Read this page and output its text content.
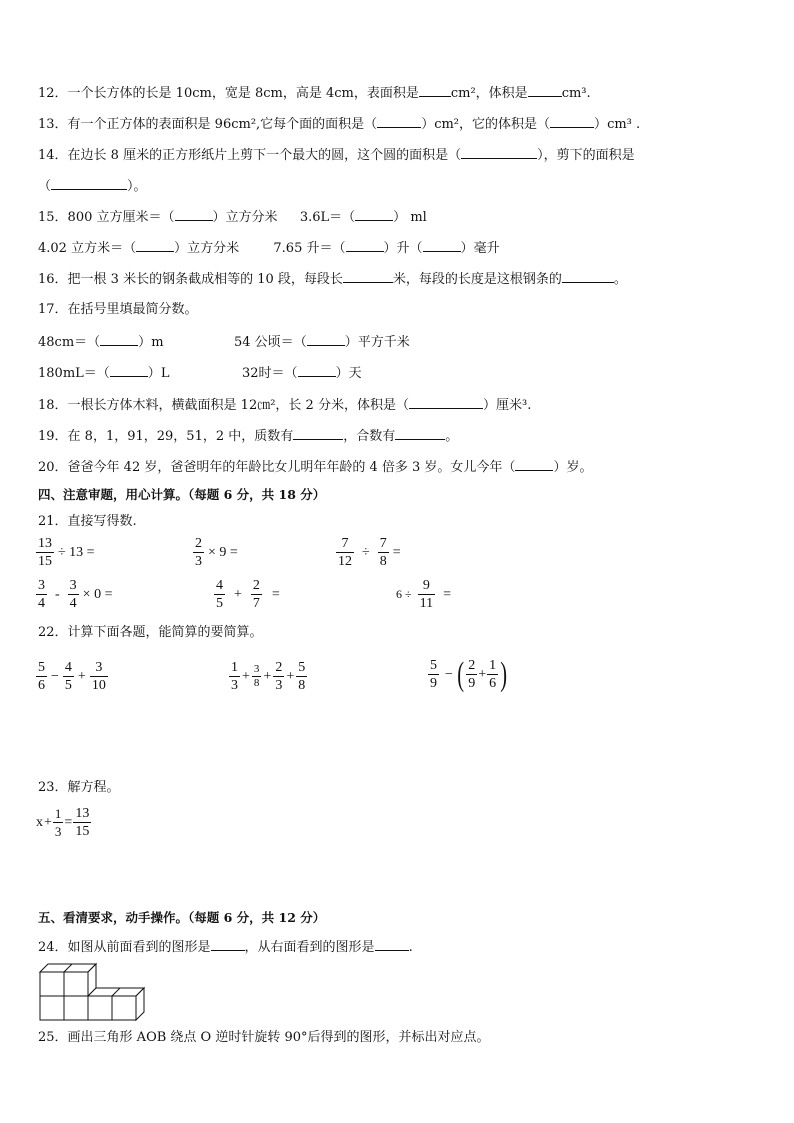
12．一个长方体的长是 10cm，宽是 8cm，高是 4cm，表面积是 cm²，体积是	cm³.
13．有一个正方体的表面积是 96cm²,它每个面的面积是 （  ）	cm²，它的体积是 （  ）	cm³ .
14．在边长 8 厘米的正方形纸片上剪下一个最大的圆，这个圆的面积是 （  ）	，剪下的面积是
（  ）。
15．800 立方厘米＝ （  ）	立方分米 3.6L＝ （  ）	ml
4.02 立方米＝ （  ）	立方分米	7.65 升＝ （  ）	升 （  ）	毫升
16．把一根 3 米长的钢条截成相等的 10 段，每段长	米，每段的长度是这根钢条的	。
17．在括号里填最简分数。
48cm＝ （  ）	m	54 公顷＝ （  ）	平方千米
180mL＝ （  ）	L	32时＝ （  ）	天
18．一根长方体木料，横截面积是 12㎝²，长 2 分米，体积是 （  ）	厘米³.
19．在 8，1，91，29，51，2 中，质数有	，合数有	。
20．爸爸今年 42 岁，爸爸明年的年龄比女儿明年年龄的 4 倍多 3 岁。女儿今年 （  ）	岁。
四、注意审题，用心计算。（每题 6 分，共 18 分）
21．直接写得数.
$\frac{13}{15} \div 13$ =	$\frac{2}{3} \times 9$ =	$\frac{7}{12} \div \frac{7}{8}$ =
$\frac{3}{4} - \frac{3}{4} \times 0$ =	$\frac{4}{5} + \frac{2}{7}$ =	$6 \div \frac{9}{11}$ =
22．计算下面各题，能简算的要简算。
$\frac{5}{6} - \frac{4}{5} + \frac{3}{10}$	$\frac{1}{3} + \frac{3}{8} + \frac{2}{3} + \frac{5}{8}$	$\frac{5}{9}$ − ( $\frac{2}{9} + \frac{1}{6}$ )
23．解方程。
$x+ \frac{1}{3} = \frac{13}{15}$
五、看清要求，动手操作。（每题 6 分，共 12 分）
24．如图从前面看到的图形是	，从右面看到的图形是	.
25．画出三角形 AOB 绕点 O 逆时针旋转 90°后得到的图形，并标出对应点。
